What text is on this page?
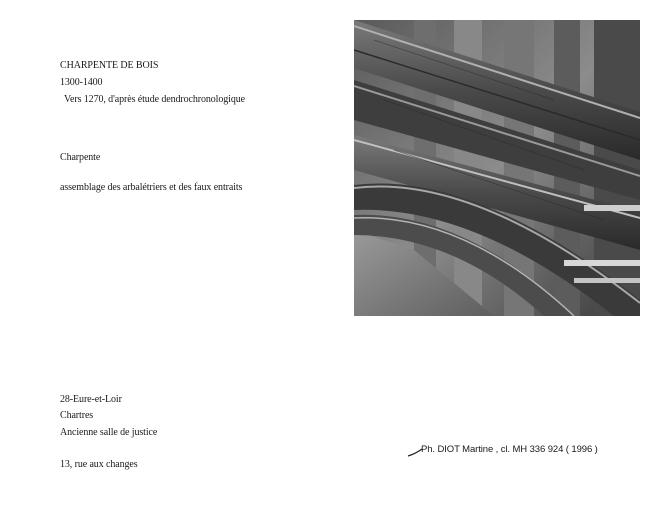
CHARPENTE DE BOIS
1300-1400
Vers 1270, d'après étude dendrochronologique
Charpente
assemblage des arbalétriers et des faux entraits
28-Eure-et-Loir
Chartres
Ancienne salle de justice
13, rue aux changes
Ph. DIOT Martine , cl. MH 336 924 ( 1996 )
